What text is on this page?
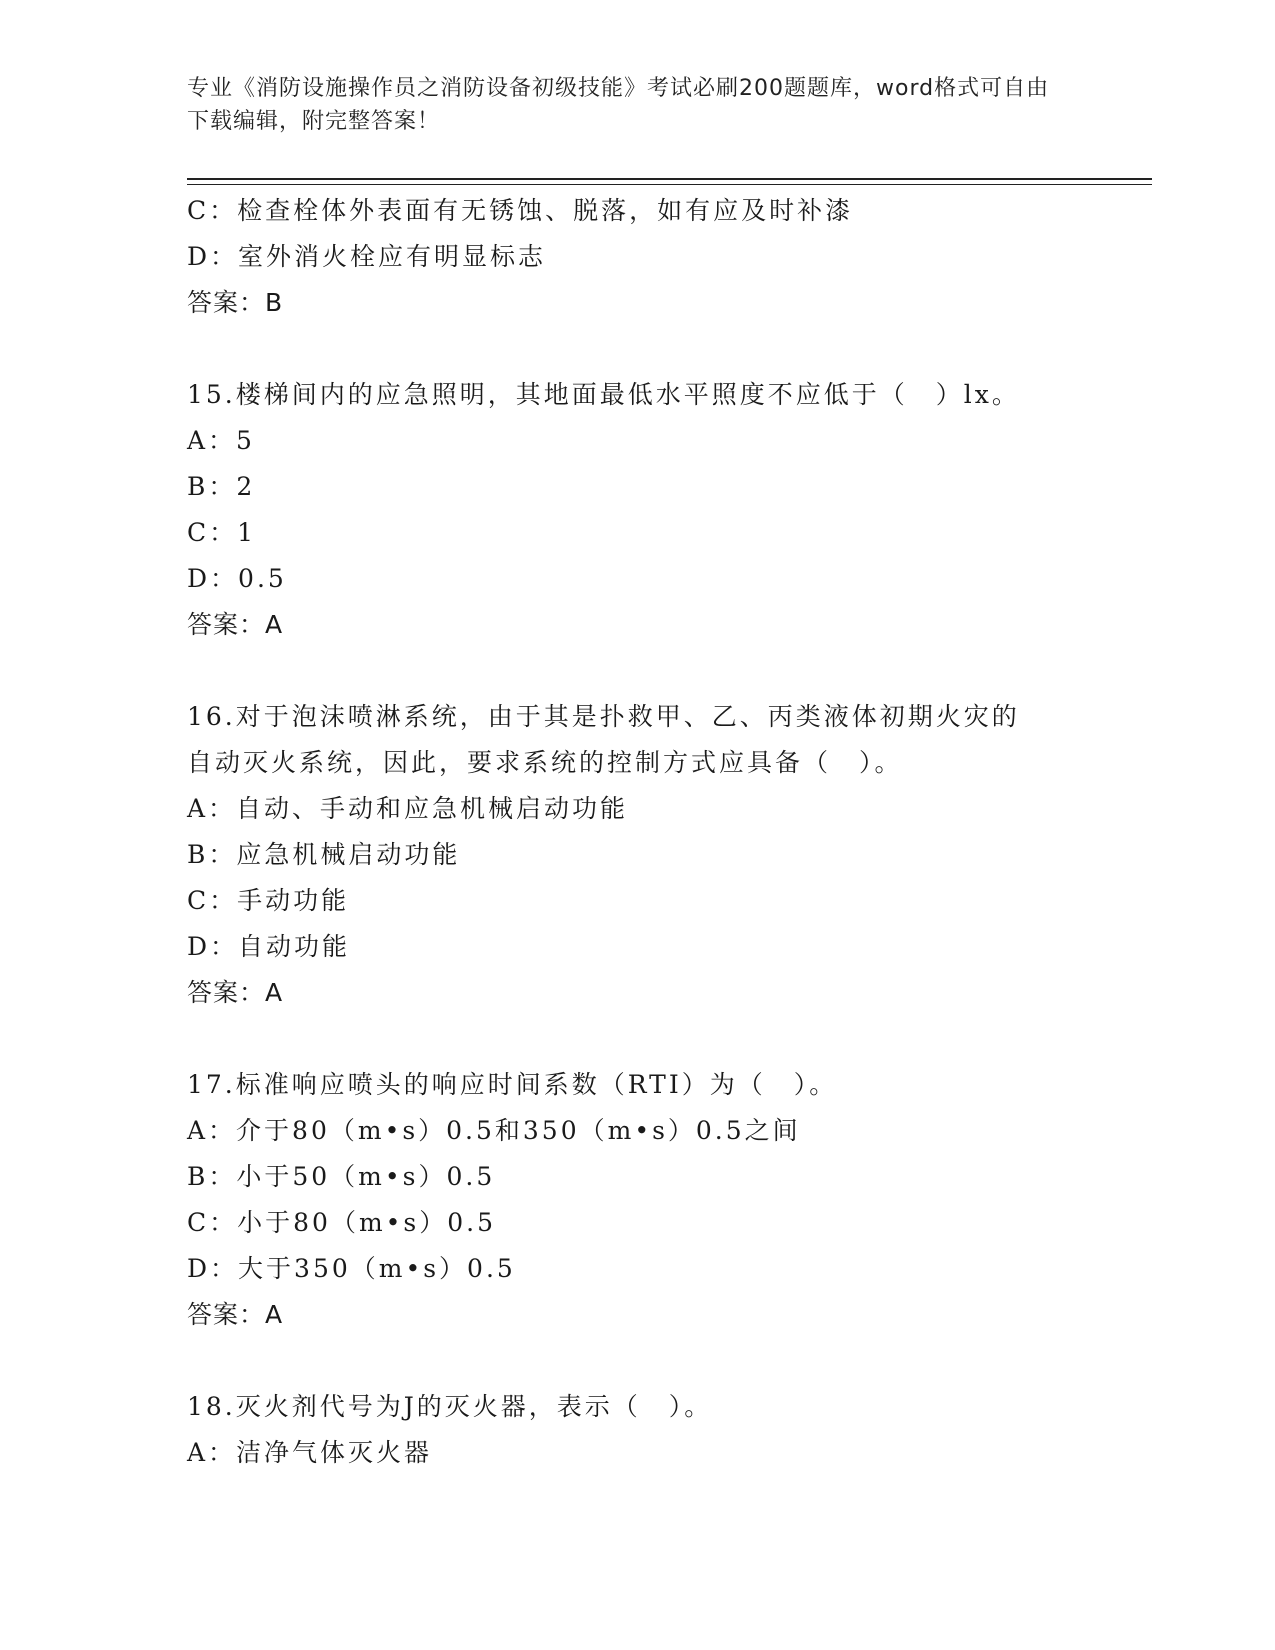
专业《消防设施操作员之消防设备初级技能》考试必刷200题题库，word格式可自由下载编辑，附完整答案！
C：检查栓体外表面有无锈蚀、脱落，如有应及时补漆
D：室外消火栓应有明显标志
答案：B
15.楼梯间内的应急照明，其地面最低水平照度不应低于（　）lx。
A：5
B：2
C：1
D：0.5
答案：A
16.对于泡沫喷淋系统，由于其是扑救甲、乙、丙类液体初期火灾的自动灭火系统，因此，要求系统的控制方式应具备（　）。
A：自动、手动和应急机械启动功能
B：应急机械启动功能
C：手动功能
D：自动功能
答案：A
17.标准响应喷头的响应时间系数（RTI）为（　）。
A：介于80（m•s）0.5和350（m•s）0.5之间
B：小于50（m•s）0.5
C：小于80（m•s）0.5
D：大于350（m•s）0.5
答案：A
18.灭火剂代号为J的灭火器，表示（　）。
A：洁净气体灭火器
